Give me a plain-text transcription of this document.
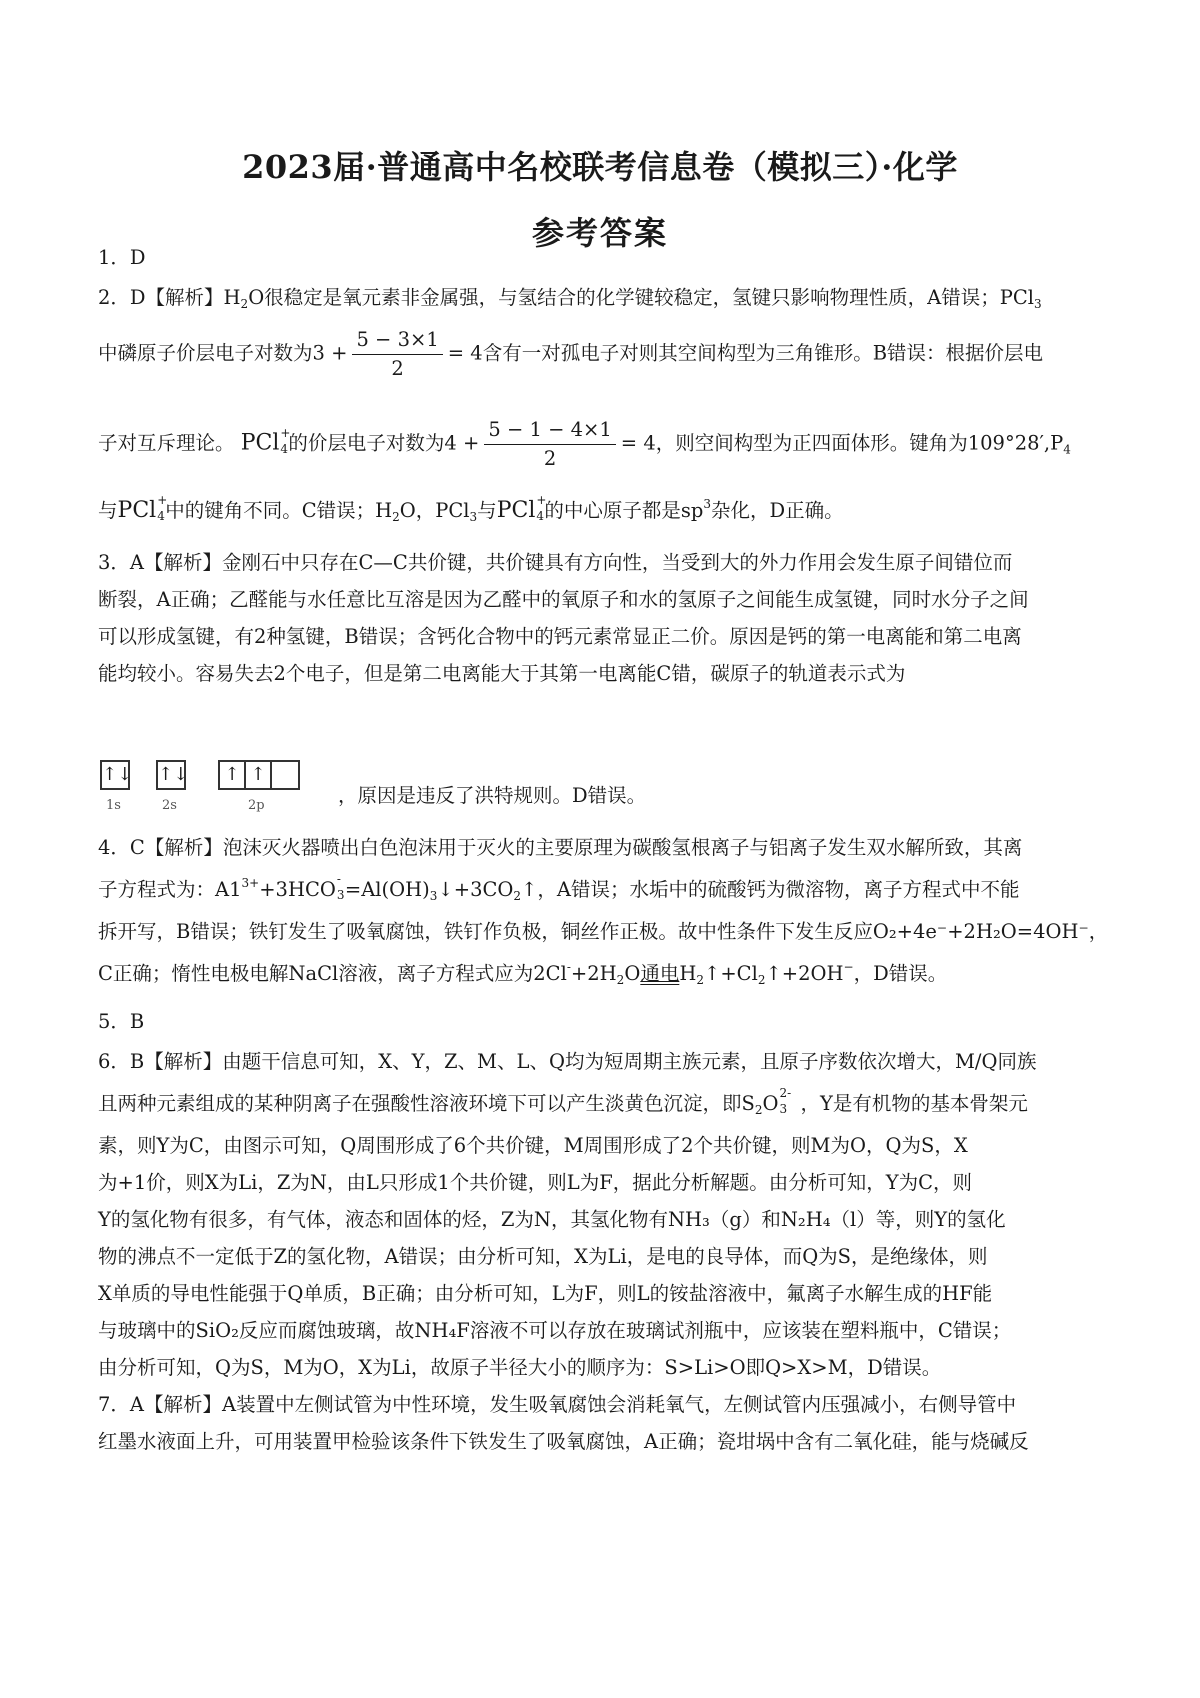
2023届·普通高中名校联考信息卷（模拟三）·化学
参考答案
1．D
2．D【解析】$H_2O$很稳定是氧元素非金属强，与氢结合的化学键较稳定，氢键只影响物理性质，A错误；PCl$_3$
中磷原子价层电子对数为$3 + \frac{5 - 3\times 1}{2} = 4$含有一对孤电子对则其空间构型为三角锥形。B错误：根据价层电
子对互斥理论。 PCl +
4 的价层电子对数为$4 + \frac{5 - 1 - 4\times 1}{2} = 4$，则空间构型为正四面体形。键角为$109^\circ 28',P_4$
与PCl +
4 中的键角不同。C错误；$H_2O$，PCl$_3$与PCl +
4 的中心原子都是$sp^3$杂化，D正确。
3．A【解析】金刚石中只存在C—C共价键，共价键具有方向性，当受到大的外力作用会发生原子间错位而
断裂，A正确；乙醛能与水任意比互溶是因为乙醛中的氧原子和水的氢原子之间能生成氢键，同时水分子之间
可以形成氢键，有2种氢键，B错误；含钙化合物中的钙元素常显正二价。原因是钙的第一电离能和第二电离
能均较小。容易失去2个电子，但是第二电离能大于其第一电离能C错，碳原子的轨道表示式为
↑↓ ↑↓ ↑ ↑
1s	2s	2p	，原因是违反了洪特规则。D错误。
4．C【解析】泡沫灭火器喷出白色泡沫用于灭火的主要原理为碳酸氢根离子与铝离子发生双水解所致，其离
子方程式为：$A1^{3+}+3HCO$ -
$3 =Al(OH)_3↓+3CO_2↑$，A错误；水垢中的硫酸钙为微溶物，离子方程式中不能
拆开写，B错误；铁钉发生了吸氧腐蚀，铁钉作负极，铜丝作正极。故中性条件下发生反应O₂+4e⁻+2H₂O=4OH⁻，
C正确；惰性电极电解NaCl溶液，离子方程式应为$2Cl^-+2H_2O$通电$H_2↑+Cl_2↑+2OH^-$，D错误。
5．B
6．B【解析】由题干信息可知，X、Y，Z、M、L、Q均为短周期主族元素，且原子序数依次增大，M/Q同族
且两种元素组成的某种阴离子在强酸性溶液环境下可以产生淡黄色沉淀，即$S_2O$ 2-
3 ，Y是有机物的基本骨架元
素，则Y为C，由图示可知，Q周围形成了6个共价键，M周围形成了2个共价键，则M为O，Q为S，X
为+1价，则X为Li，Z为N，由L只形成1个共价键，则L为F，据此分析解题。由分析可知，Y为C，则
Y的氢化物有很多，有气体，液态和固体的烃，Z为N，其氢化物有NH₃（g）和N₂H₄（l）等，则Y的氢化
物的沸点不一定低于Z的氢化物，A错误；由分析可知，X为Li，是电的良导体，而Q为S，是绝缘体，则
X单质的导电性能强于Q单质，B正确；由分析可知，L为F，则L的铵盐溶液中，氟离子水解生成的HF能
与玻璃中的SiO₂反应而腐蚀玻璃，故NH₄F溶液不可以存放在玻璃试剂瓶中，应该装在塑料瓶中，C错误；
由分析可知，Q为S，M为O，X为Li，故原子半径大小的顺序为：S>Li>O即Q>X>M，D错误。
7．A【解析】A装置中左侧试管为中性环境，发生吸氧腐蚀会消耗氧气，左侧试管内压强减小，右侧导管中
红墨水液面上升，可用装置甲检验该条件下铁发生了吸氧腐蚀，A正确；瓷坩埚中含有二氧化硅，能与烧碱反
